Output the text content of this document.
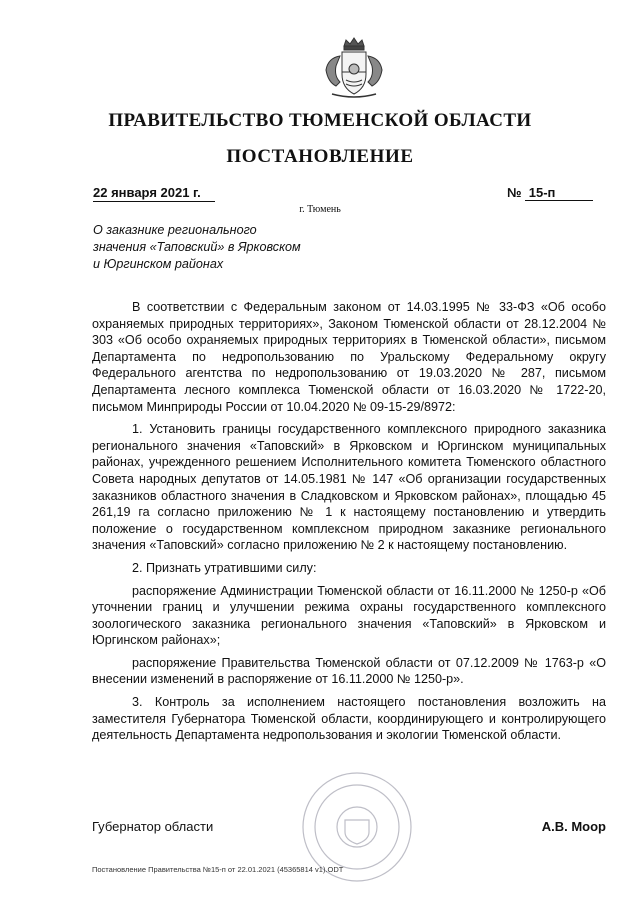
ПРАВИТЕЛЬСТВО ТЮМЕНСКОЙ ОБЛАСТИ
ПОСТАНОВЛЕНИЕ
22 января 2021 г.	№ 15-п
г. Тюмень
О заказнике регионального
значения «Таповский» в Ярковском
и Юргинском районах

В соответствии с Федеральным законом от 14.03.1995 № 33-ФЗ «Об особо охраняемых природных территориях», Законом Тюменской области от 28.12.2004 № 303 «Об особо охраняемых природных территориях в Тюменской области», письмом Департамента по недропользованию по Уральскому Федеральному округу Федерального агентства по недропользованию от 19.03.2020 № 287, письмом Департамента лесного комплекса Тюменской области от 16.03.2020 № 1722-20, письмом Минприроды России от 10.04.2020 № 09-15-29/8972:

1. Установить границы государственного комплексного природного заказника регионального значения «Таповский» в Ярковском и Юргинском муниципальных районах, учрежденного решением Исполнительного комитета Тюменского областного Совета народных депутатов от 14.05.1981 № 147 «Об организации государственных заказников областного значения в Сладковском и Ярковском районах», площадью 45 261,19 га согласно приложению № 1 к настоящему постановлению и утвердить положение о государственном комплексном природном заказнике регионального значения «Таповский» согласно приложению № 2 к настоящему постановлению.

2. Признать утратившими силу:

распоряжение Администрации Тюменской области от 16.11.2000 № 1250-р «Об уточнении границ и улучшении режима охраны государственного комплексного зоологического заказника регионального значения «Таповский» в Ярковском и Юргинском районах»;

распоряжение Правительства Тюменской области от 07.12.2009 № 1763-р «О внесении изменений в распоряжение от 16.11.2000 № 1250-р».

3. Контроль за исполнением настоящего постановления возложить на заместителя Губернатора Тюменской области, координирующего и контролирующего деятельность Департамента недропользования и экологии Тюменской области.

Губернатор области	А.В. Моор
Постановление Правительства №15-п от 22.01.2021 (45365814 v1).ODT
